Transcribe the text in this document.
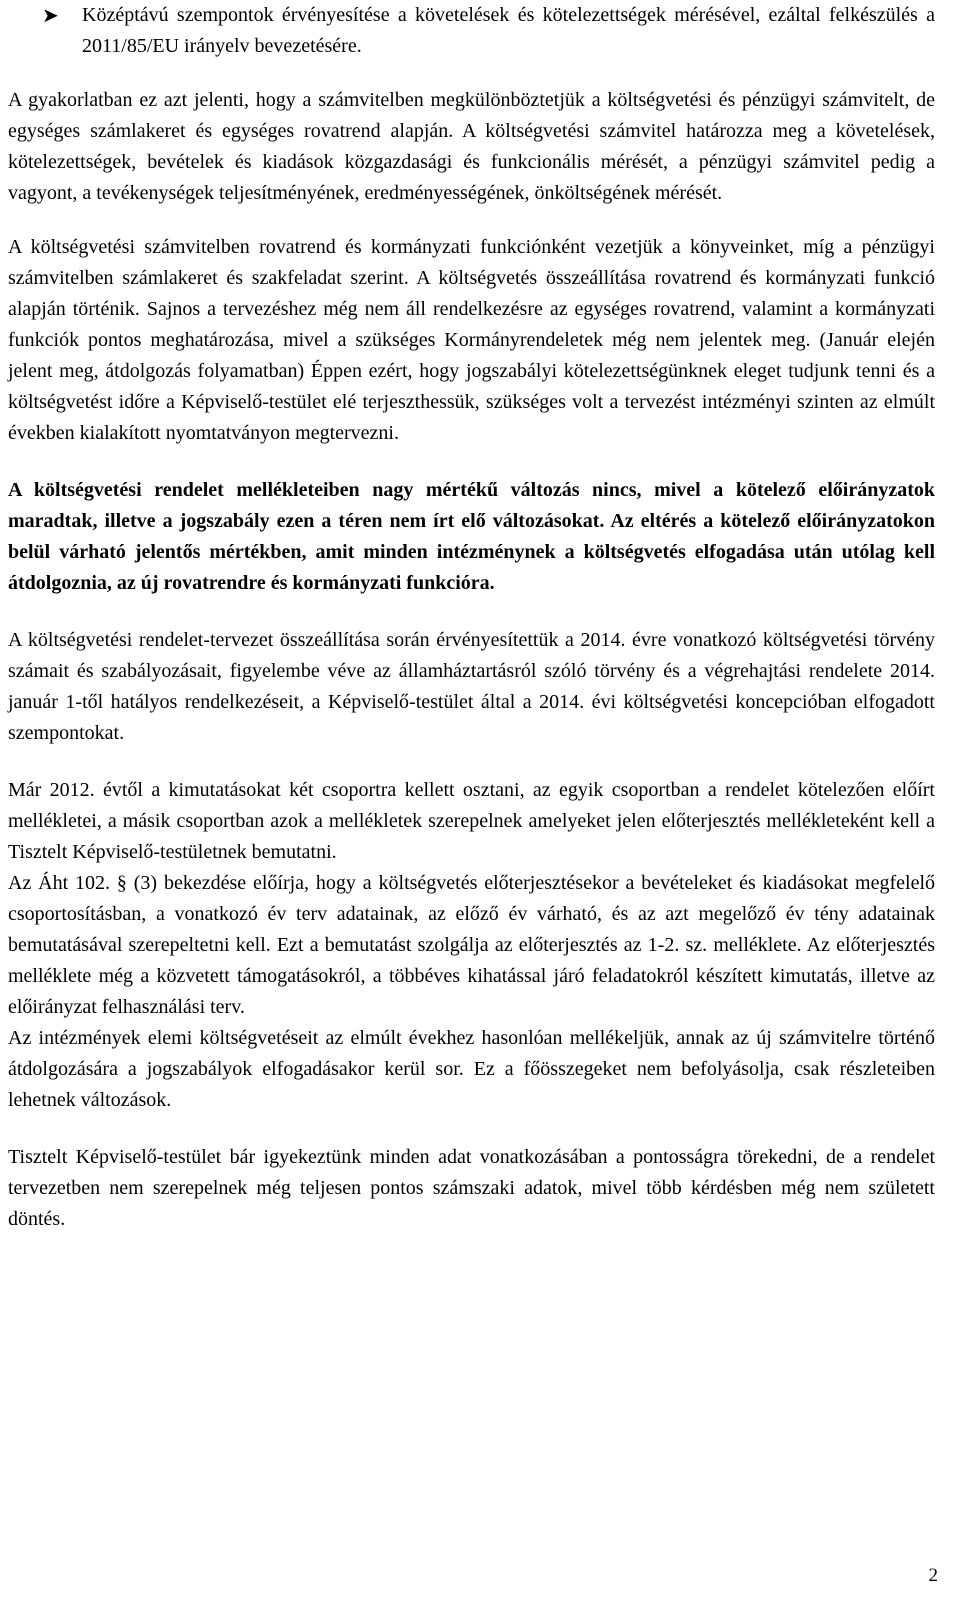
➤	Középtávú szempontok érvényesítése a követelések és kötelezettségek mérésével, ezáltal felkészülés a 2011/85/EU irányelv bevezetésére.

A gyakorlatban ez azt jelenti, hogy a számvitelben megkülönböztetjük a költségvetési és pénzügyi számvitelt, de egységes számlakeret és egységes rovatrend alapján. A költségvetési számvitel határozza meg a követelések, kötelezettségek, bevételek és kiadások közgazdasági és funkcionális mérését, a pénzügyi számvitel pedig a vagyont, a tevékenységek teljesítményének, eredményességének, önköltségének mérését.

A költségvetési számvitelben rovatrend és kormányzati funkciónként vezetjük a könyveinket, míg a pénzügyi számvitelben számlakeret és szakfeladat szerint. A költségvetés összeállítása rovatrend és kormányzati funkció alapján történik. Sajnos a tervezéshez még nem áll rendelkezésre az egységes rovatrend, valamint a kormányzati funkciók pontos meghatározása, mivel a szükséges Kormányrendeletek még nem jelentek meg. (Január elején jelent meg, átdolgozás folyamatban) Éppen ezért, hogy jogszabályi kötelezettségünknek eleget tudjunk tenni és a költségvetést időre a Képviselő-testület elé terjeszthessük, szükséges volt a tervezést intézményi szinten az elmúlt években kialakított nyomtatványon megtervezni.

A költségvetési rendelet mellékleteiben nagy mértékű változás nincs, mivel a kötelező előirányzatok maradtak, illetve a jogszabály ezen a téren nem írt elő változásokat. Az eltérés a kötelező előirányzatokon belül várható jelentős mértékben, amit minden intézménynek a költségvetés elfogadása után utólag kell átdolgoznia, az új rovatrendre és kormányzati funkcióra.

A költségvetési rendelet-tervezet összeállítása során érvényesítettük a 2014. évre vonatkozó költségvetési törvény számait és szabályozásait, figyelembe véve az államháztartásról szóló törvény és a végrehajtási rendelete 2014. január 1-től hatályos rendelkezéseit, a Képviselő-testület által a 2014. évi költségvetési koncepcióban elfogadott szempontokat.

Már 2012. évtől a kimutatásokat két csoportra kellett osztani, az egyik csoportban a rendelet kötelezően előírt mellékletei, a másik csoportban azok a mellékletek szerepelnek amelyeket jelen előterjesztés mellékleteként kell a Tisztelt Képviselő-testületnek bemutatni.

Az Áht 102. § (3) bekezdése előírja, hogy a költségvetés előterjesztésekor a bevételeket és kiadásokat megfelelő csoportosításban, a vonatkozó év terv adatainak, az előző év várható, és az azt megelőző év tény adatainak bemutatásával szerepeltetni kell. Ezt a bemutatást szolgálja az előterjesztés az 1-2. sz. melléklete. Az előterjesztés melléklete még a közvetett támogatásokról, a többéves kihatással járó feladatokról készített kimutatás, illetve az előirányzat felhasználási terv.

Az intézmények elemi költségvetéseit az elmúlt évekhez hasonlóan mellékeljük, annak az új számvitelre történő átdolgozására a jogszabályok elfogadásakor kerül sor. Ez a főösszegeket nem befolyásolja, csak részleteiben lehetnek változások.

Tisztelt Képviselő-testület bár igyekeztünk minden adat vonatkozásában a pontosságra törekedni, de a rendelet tervezetben nem szerepelnek még teljesen pontos számszaki adatok, mivel több kérdésben még nem született döntés.

2
